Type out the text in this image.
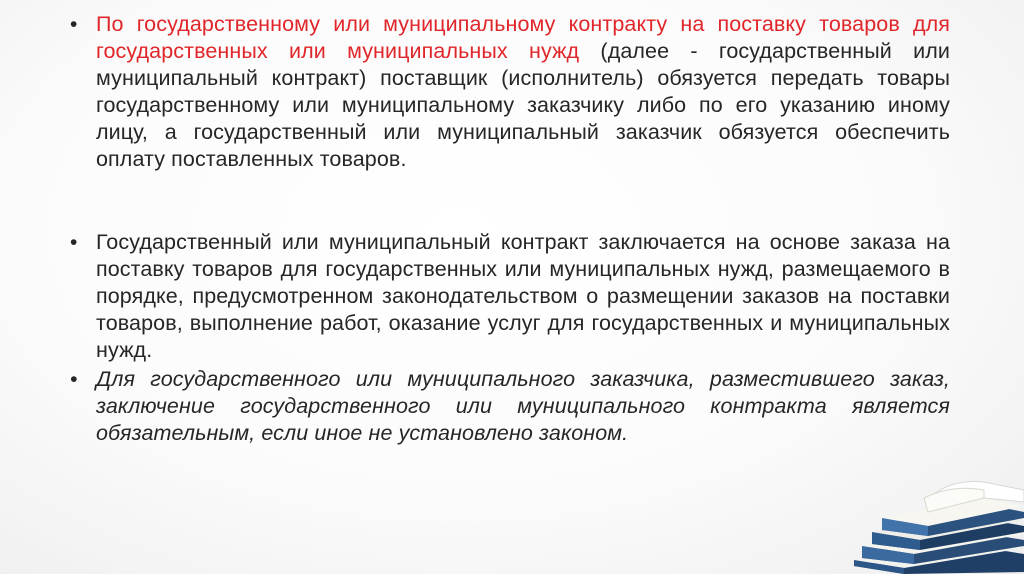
• По государственному или муниципальному контракту на поставку товаров для государственных или муниципальных нужд (далее - государственный или муниципальный контракт) поставщик (исполнитель) обязуется передать товары государственному или муниципальному заказчику либо по его указанию иному лицу, а государственный или муниципальный заказчик обязуется обеспечить оплату поставленных товаров.
• Государственный или муниципальный контракт заключается на основе заказа на поставку товаров для государственных или муниципальных нужд, размещаемого в порядке, предусмотренном законодательством о размещении заказов на поставки товаров, выполнение работ, оказание услуг для государственных и муниципальных нужд.
• Для государственного или муниципального заказчика, разместившего заказ, заключение государственного или муниципального контракта является обязательным, если иное не установлено законом.
